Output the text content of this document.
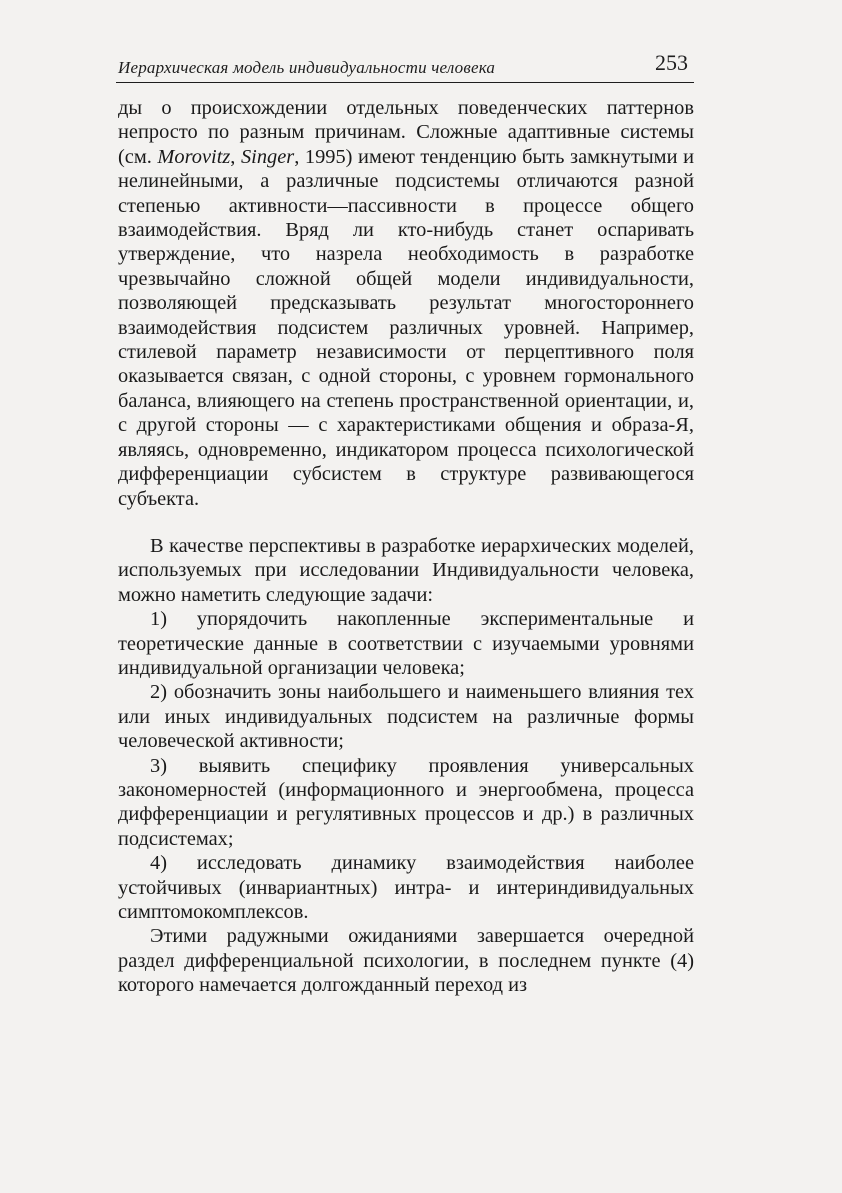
Иерархическая модель индивидуальности человека	253

ды о происхождении отдельных поведенческих паттернов непросто по разным причинам. Сложные адаптивные системы (см. Morovitz, Singer, 1995) имеют тенденцию быть замкнутыми и нелинейными, а различные подсистемы отличаются разной степенью активности—пассивности в процессе общего взаимодействия. Вряд ли кто-нибудь станет оспаривать утверждение, что назрела необходимость в разработке чрезвычайно сложной общей модели индивидуальности, позволяющей предсказывать результат многостороннего взаимодействия подсистем различных уровней. Например, стилевой параметр независимости от перцептивного поля оказывается связан, с одной стороны, с уровнем гормонального баланса, влияющего на степень пространственной ориентации, и, с другой стороны — с характеристиками общения и образа-Я, являясь, одновременно, индикатором процесса психологической дифференциации субсистем в структуре развивающегося субъекта.

В качестве перспективы в разработке иерархических моделей, используемых при исследовании Индивидуальности человека, можно наметить следующие задачи:

1) упорядочить накопленные экспериментальные и теоретические данные в соответствии с изучаемыми уровнями индивидуальной организации человека;

2) обозначить зоны наибольшего и наименьшего влияния тех или иных индивидуальных подсистем на различные формы человеческой активности;

3) выявить специфику проявления универсальных закономерностей (информационного и энергообмена, процесса дифференциации и регулятивных процессов и др.) в различных подсистемах;

4) исследовать динамику взаимодействия наиболее устойчивых (инвариантных) интра- и интериндивидуальных симптомокомплексов.

Этими радужными ожиданиями завершается очередной раздел дифференциальной психологии, в последнем пункте (4) которого намечается долгожданный переход из
